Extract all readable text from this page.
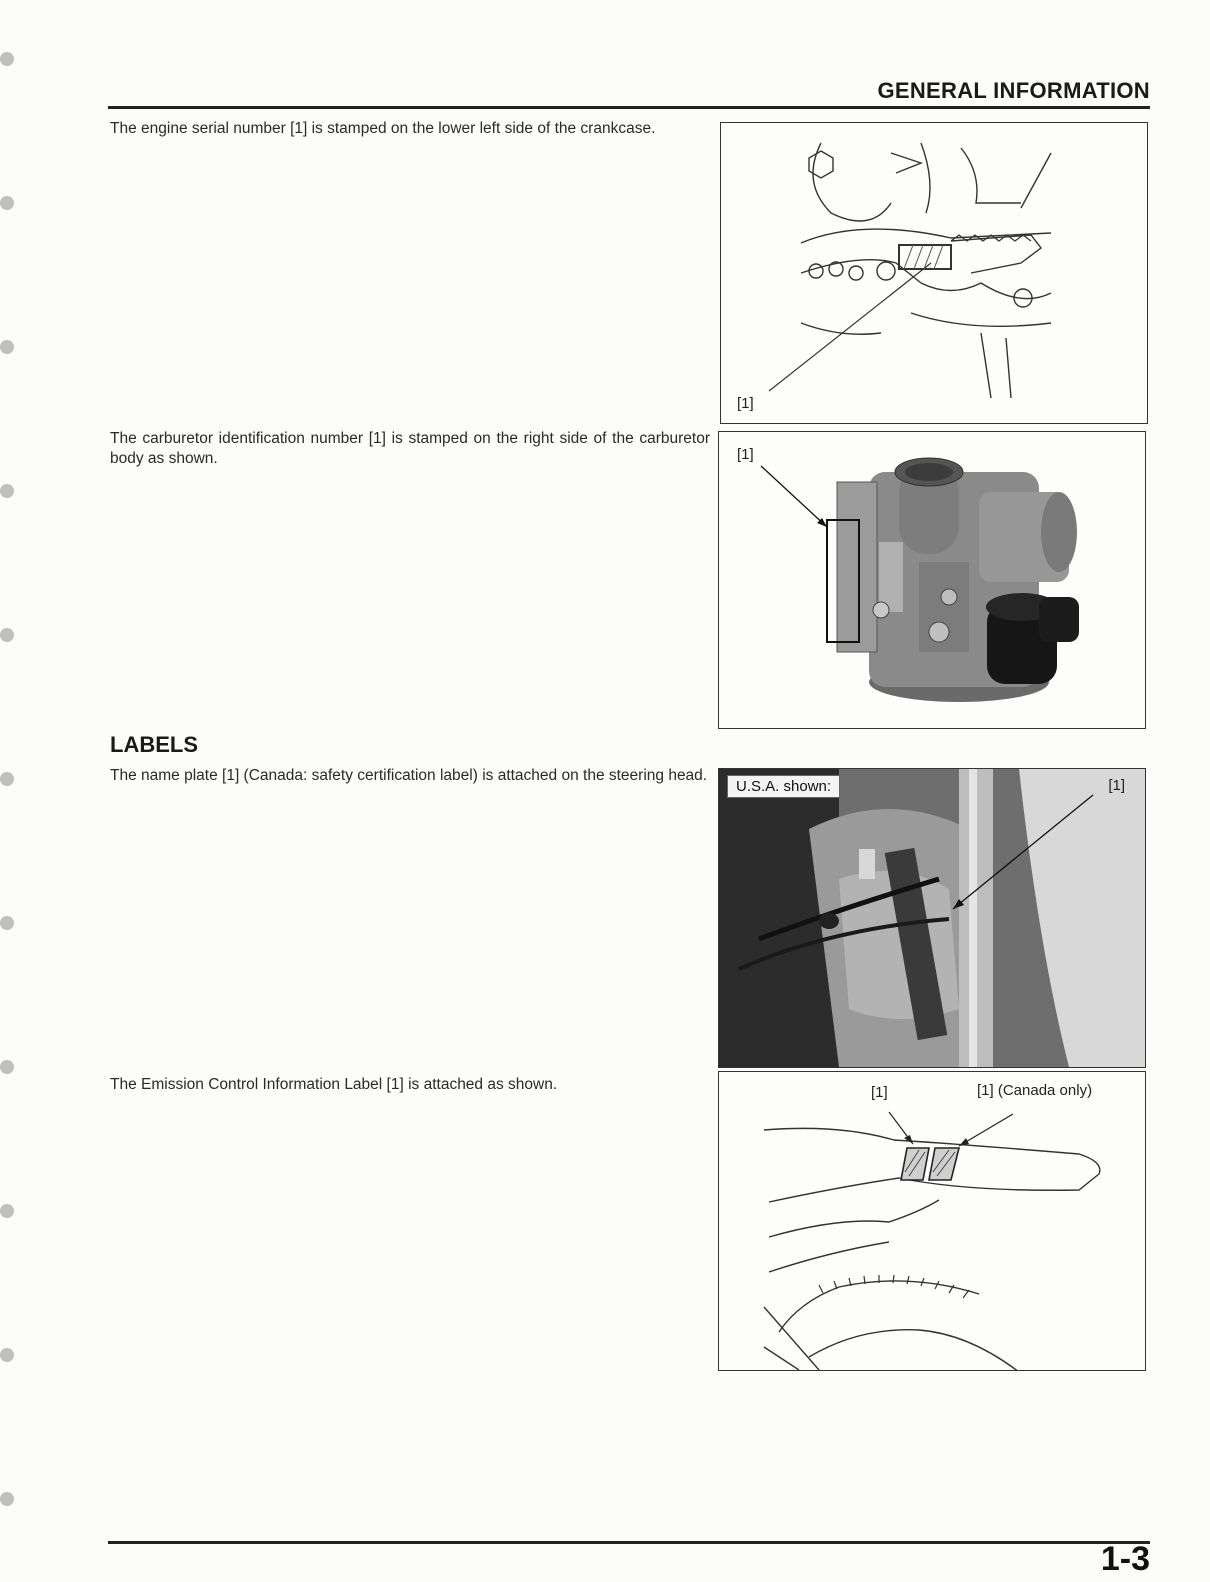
GENERAL INFORMATION
The engine serial number [1] is stamped on the lower left side of the crankcase.
[1]
The carburetor identification number [1] is stamped on the right side of the carburetor body as shown.	[1]
LABELS
The name plate [1] (Canada: safety certification label) is attached on the steering head.
U.S.A. shown:	[1]
The Emission Control Information Label [1] is attached as shown.	[1]	[1] (Canada only)
1-3
